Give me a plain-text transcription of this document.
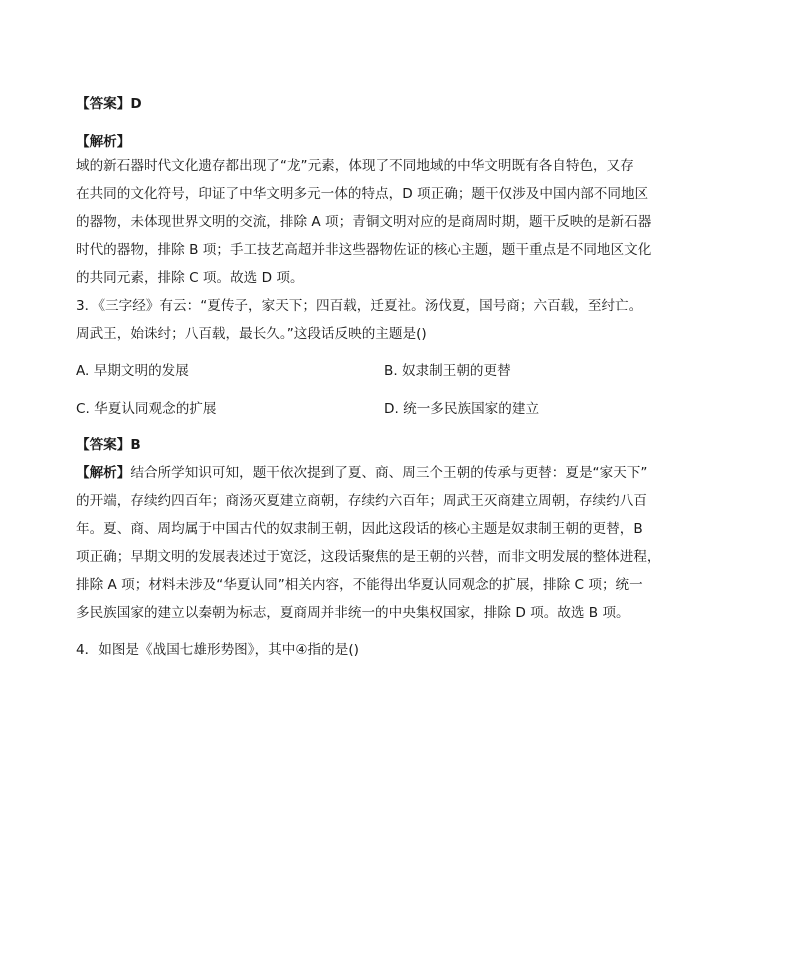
【答案】D
【解析】
域的新石器时代文化遗存都出现了“龙”元素，体现了不同地域的中华文明既有各自特色，又存
在共同的文化符号，印证了中华文明多元一体的特点，D 项正确；题干仅涉及中国内部不同地区
的器物，未体现世界文明的交流，排除 A 项；青铜文明对应的是商周时期，题干反映的是新石器
时代的器物，排除 B 项；手工技艺高超并非这些器物佐证的核心主题，题干重点是不同地区文化
的共同元素，排除 C 项。故选 D 项。
3．《三字经》有云：“夏传子，家天下；四百载，迁夏社。汤伐夏，国号商；六百载，至纣亡。
周武王，始诛纣；八百载，最长久。”这段话反映的主题是()
A. 早期文明的发展	B. 奴隶制王朝的更替
C. 华夏认同观念的扩展	D. 统一多民族国家的建立
【答案】B
【解析】结合所学知识可知，题干依次提到了夏、商、周三个王朝的传承与更替：夏是“家天下”
的开端，存续约四百年；商汤灭夏建立商朝，存续约六百年；周武王灭商建立周朝，存续约八百
年。夏、商、周均属于中国古代的奴隶制王朝，因此这段话的核心主题是奴隶制王朝的更替，B
项正确；早期文明的发展表述过于宽泛，这段话聚焦的是王朝的兴替，而非文明发展的整体进程，
排除 A 项；材料未涉及“华夏认同”相关内容，不能得出华夏认同观念的扩展，排除 C 项；统一
多民族国家的建立以秦朝为标志，夏商周并非统一的中央集权国家，排除 D 项。故选 B 项。
4．如图是《战国七雄形势图》，其中④指的是()
